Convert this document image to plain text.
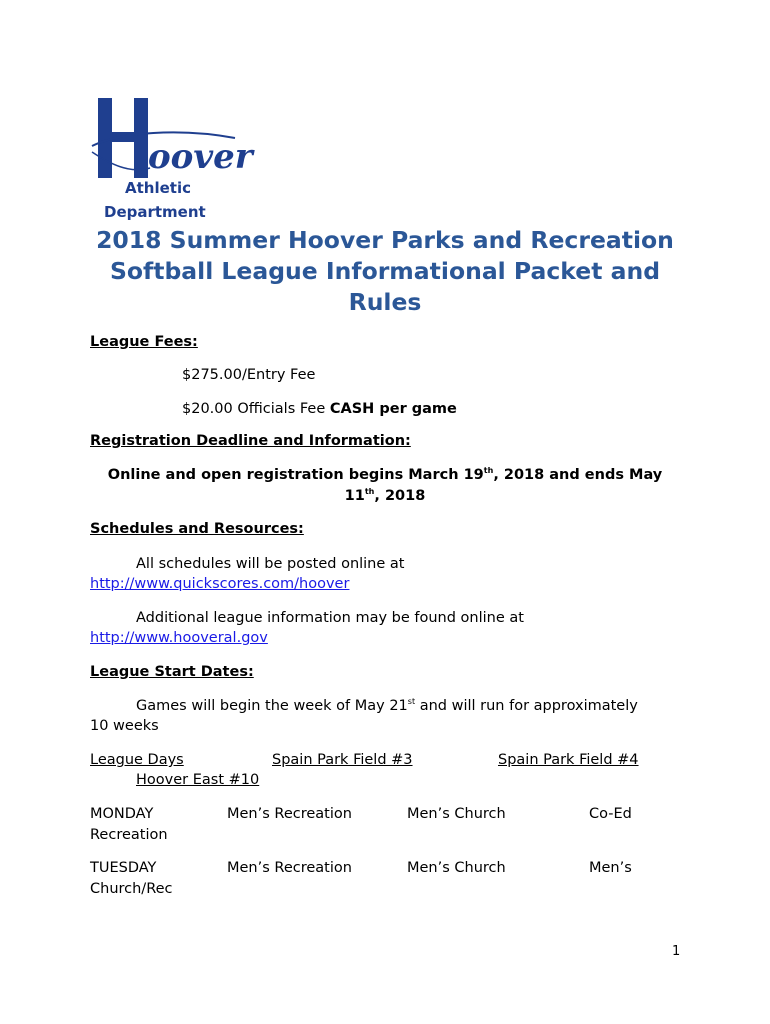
oover
Athletic
Department
2018 Summer Hoover Parks and Recreation
Softball League Informational Packet and
Rules
League Fees:
$275.00/Entry Fee
$20.00 Officials Fee CASH per game
Registration Deadline and Information:
Online and open registration begins March 19th, 2018 and ends May
11th, 2018
Schedules and Resources:
All schedules will be posted online at
http://www.quickscores.com/hoover
Additional league information may be found online at
http://www.hooveral.gov
League Start Dates:
Games will begin the week of May 21st and will run for approximately
10 weeks
League Days	Spain Park Field #3	Spain Park Field #4
Hoover East #10
MONDAY	Men’s Recreation	Men’s Church	Co-Ed
Recreation
TUESDAY	Men’s Recreation	Men’s Church	Men’s
Church/Rec
1
